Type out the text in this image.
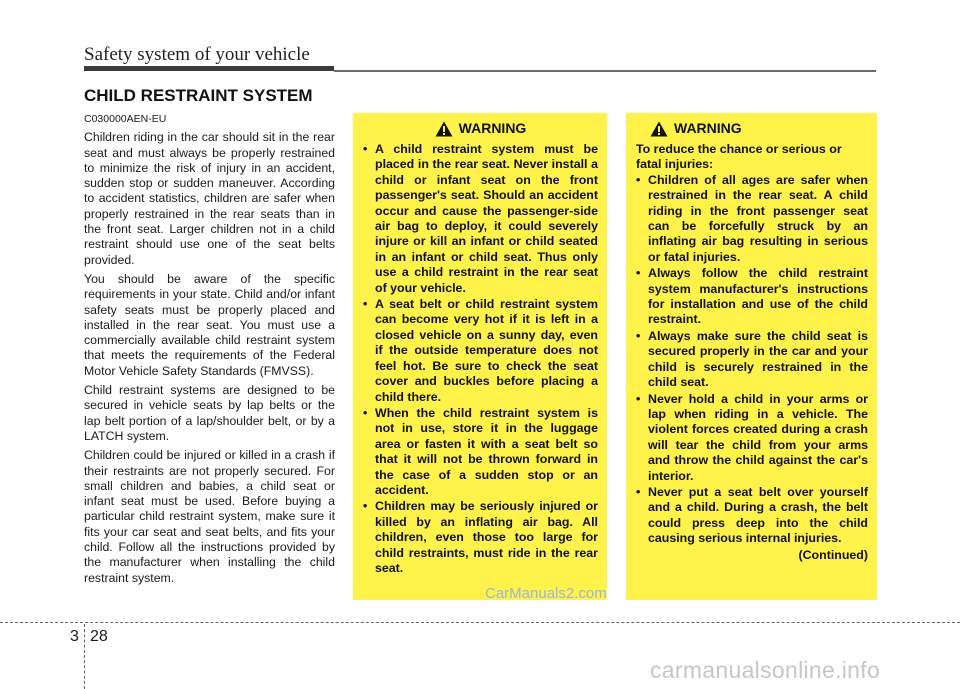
Safety system of your vehicle
CHILD RESTRAINT SYSTEM
C030000AEN-EU

Children riding in the car should sit in the rear seat and must always be properly restrained to minimize the risk of injury in an accident, sudden stop or sudden maneuver. According to accident statistics, children are safer when properly restrained in the rear seats than in the front seat. Larger children not in a child restraint should use one of the seat belts provided.

You should be aware of the specific requirements in your state. Child and/or infant safety seats must be properly placed and installed in the rear seat. You must use a commercially available child restraint system that meets the requirements of the Federal Motor Vehicle Safety Standards (FMVSS).

Child restraint systems are designed to be secured in vehicle seats by lap belts or the lap belt portion of a lap/shoulder belt, or by a LATCH system.

Children could be injured or killed in a crash if their restraints are not properly secured. For small children and babies, a child seat or infant seat must be used. Before buying a particular child restraint system, make sure it fits your car seat and seat belts, and fits your child. Follow all the instructions provided by the manufacturer when installing the child restraint system.

WARNING
• A child restraint system must be placed in the rear seat. Never install a child or infant seat on the front passenger's seat. Should an accident occur and cause the passenger-side air bag to deploy, it could severely injure or kill an infant or child seated in an infant or child seat. Thus only use a child restraint in the rear seat of your vehicle.
• A seat belt or child restraint system can become very hot if it is left in a closed vehicle on a sunny day, even if the outside temperature does not feel hot. Be sure to check the seat cover and buckles before placing a child there.
• When the child restraint system is not in use, store it in the luggage area or fasten it with a seat belt so that it will not be thrown forward in the case of a sudden stop or an accident.
• Children may be seriously injured or killed by an inflating air bag. All children, even those too large for child restraints, must ride in the rear seat.
WARNING

To reduce the chance or serious or fatal injuries:

• Children of all ages are safer when restrained in the rear seat. A child riding in the front passenger seat can be forcefully struck by an inflating air bag resulting in serious or fatal injuries.
• Always follow the child restraint system manufacturer's instructions for installation and use of the child restraint.
• Always make sure the child seat is secured properly in the car and your child is securely restrained in the child seat.
• Never hold a child in your arms or lap when riding in a vehicle. The violent forces created during a crash will tear the child from your arms and throw the child against the car's interior.
• Never put a seat belt over yourself and a child. During a crash, the belt could press deep into the child causing serious internal injuries.
(Continued)
CarManuals2.com
3 28
carmanualsonline.info
